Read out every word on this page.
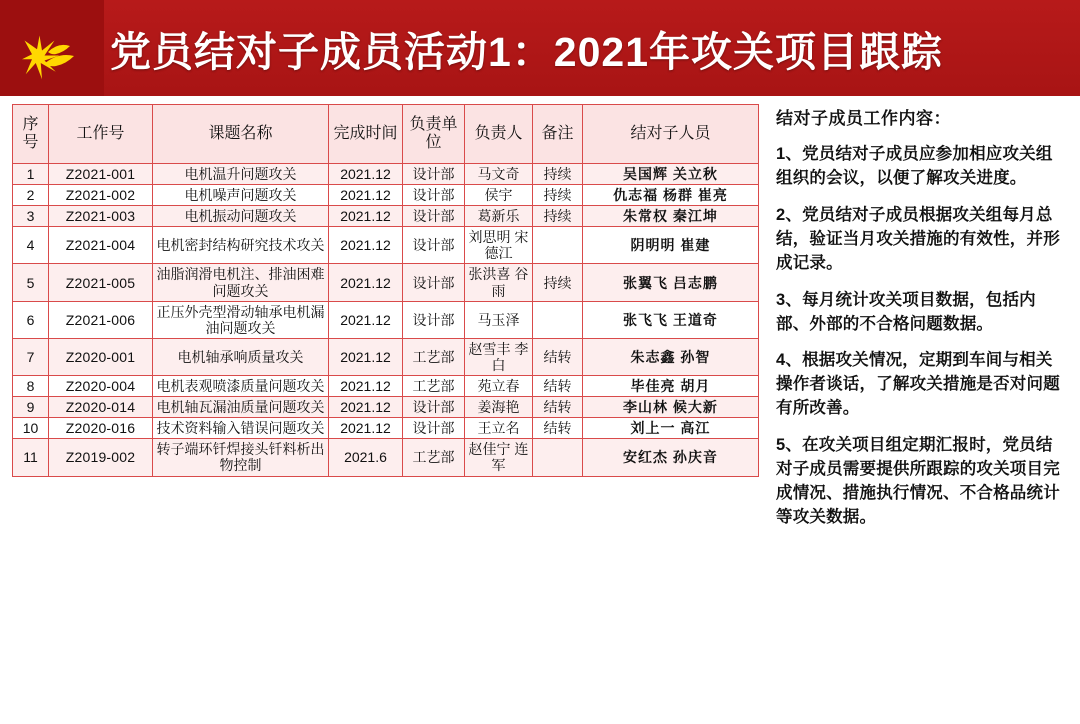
党员结对子成员活动1：2021年攻关项目跟踪
序号	工作号	课题名称	完成时间	负责单位	负责人	备注	结对子人员
1	Z2021-001	电机温升问题攻关	2021.12	设计部	马文奇	持续	吴国辉 关立秋
2	Z2021-002	电机噪声问题攻关	2021.12	设计部	侯宇	持续	仇志福 杨群 崔亮
3	Z2021-003	电机振动问题攻关	2021.12	设计部	葛新乐	持续	朱常权 秦江坤
4	Z2021-004	电机密封结构研究技术攻关	2021.12	设计部	刘思明 宋德江		阴明明 崔建
5	Z2021-005	油脂润滑电机注、排油困难问题攻关	2021.12	设计部	张洪喜 谷雨	持续	张翼飞 吕志鹏
6	Z2021-006	正压外壳型滑动轴承电机漏油问题攻关	2021.12	设计部	马玉泽		张飞飞 王道奇
7	Z2020-001	电机轴承响质量攻关	2021.12	工艺部	赵雪丰 李白	结转	朱志鑫 孙智
8	Z2020-004	电机表观喷漆质量问题攻关	2021.12	工艺部	苑立春	结转	毕佳亮 胡月
9	Z2020-014	电机轴瓦漏油质量问题攻关	2021.12	设计部	姜海艳	结转	李山林 候大新
10	Z2020-016	技术资料输入错误问题攻关	2021.12	设计部	王立名	结转	刘上一 高江
11	Z2019-002	转子端环钎焊接头钎料析出物控制	2021.6	工艺部	赵佳宁 连军		安红杰 孙庆音
结对子成员工作内容：
1、党员结对子成员应参加相应攻关组组织的会议，以便了解攻关进度。
2、党员结对子成员根据攻关组每月总结，验证当月攻关措施的有效性，并形成记录。
3、每月统计攻关项目数据，包括内部、外部的不合格问题数据。
4、根据攻关情况，定期到车间与相关操作者谈话，了解攻关措施是否对问题有所改善。
5、在攻关项目组定期汇报时，党员结对子成员需要提供所跟踪的攻关项目完成情况、措施执行情况、不合格品统计等攻关数据。
